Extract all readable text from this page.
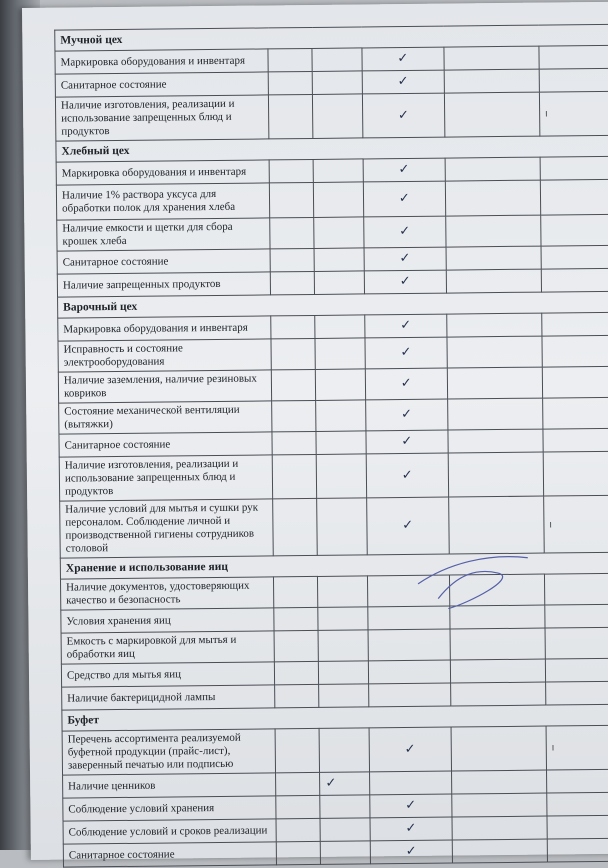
Мучной цех					
Маркировка оборудования и инвентаря			✓		
Санитарное состояние			✓		
Наличие изготовления, реализации и использование запрещенных блюд и продуктов			✓		ı
Хлебный цех					
Маркировка оборудования и инвентаря			✓		
Наличие 1% раствора уксуса для обработки полок для хранения хлеба			✓		
Наличие емкости и щетки для сбора крошек хлеба			✓		
Санитарное состояние			✓		
Наличие запрещенных продуктов			✓		
Варочный цех					
Маркировка оборудования и инвентаря			✓		
Исправность и состояние электрооборудования			✓		
Наличие заземления, наличие резиновых ковриков			✓		
Состояние механической вентиляции (вытяжки)			✓		
Санитарное состояние			✓		
Наличие изготовления, реализации и использование запрещенных блюд и продуктов			✓		
Наличие условий для мытья и сушки рук персоналом. Соблюдение личной и производственной гигиены сотрудников столовой			✓		ı
Хранение и использование яиц					
Наличие документов, удостоверяющих качество и безопасность					
Условия хранения яиц					
Емкость с маркировкой для мытья и обработки яиц					
Средство для мытья яиц					
Наличие бактерицидной лампы					
Буфет					
Перечень ассортимента реализуемой буфетной продукции (прайс-лист), заверенный печатью или подписью			✓		ı
Наличие ценников		✓			
Соблюдение условий хранения			✓		
Соблюдение условий и сроков реализации			✓		
Санитарное состояние			✓		
